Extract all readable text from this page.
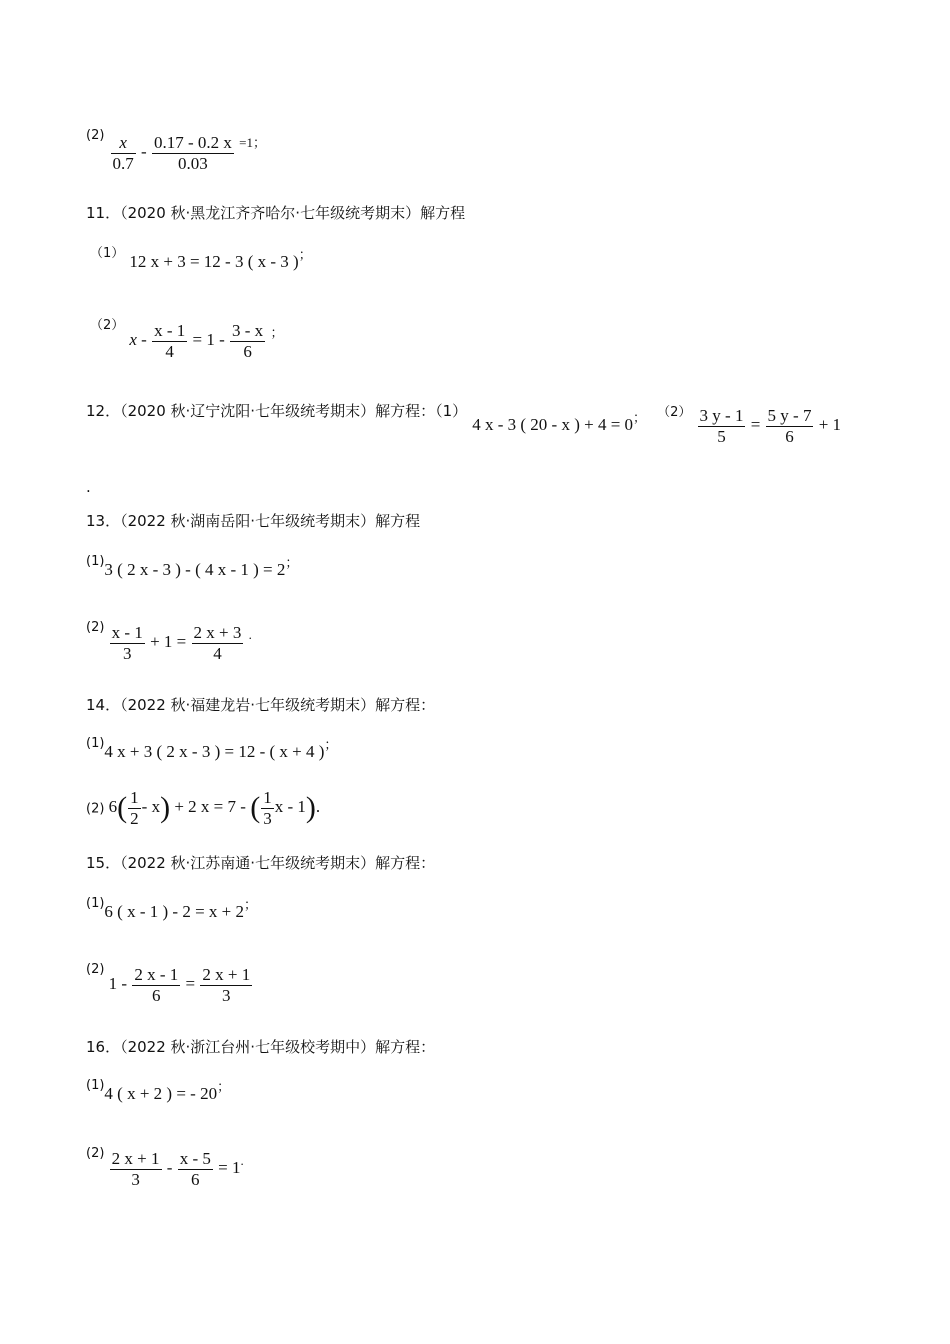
$^{(2)} \frac{x}{0.7} - \frac{0.17 - 0.2 x}{0.03} ^{=1;}$
11．（2020 秋·黑龙江齐齐哈尔·七年级统考期末）解方程
$^{(1)}$ 12 x + 3 = 12 - 3 ( x - 3 )；
$^{(2)}$ $x - \frac{x - 1}{4} = 1 - \frac{3 - x}{6} ^;$
12．（2020 秋·辽宁沈阳·七年级统考期末）解方程：（1） 4 x - 3 ( 20 - x ) + 4 = 0； $^{(2)} \frac{3 y - 1}{5} = \frac{5 y - 7}{6} + 1$
.
13．（2022 秋·湖南岳阳·七年级统考期末）解方程
$^{(1)}$3 ( 2 x - 3 ) - ( 4 x - 1 ) = 2；
$^{(2)} \frac{x - 1}{3} + 1 = \frac{2 x + 3}{4} ^.$
14．（2022 秋·福建龙岩·七年级统考期末）解方程：
$^{(1)}$4 x + 3 ( 2 x - 3 ) = 12 - ( x + 4 )；
(2) $6( \frac{1}{2} - x) + 2$ x = 7 - ( $\frac{1}{3}$ x - 1).
15．（2022 秋·江苏南通·七年级统考期末）解方程：
$^{(1)}$6 ( x - 1 ) - 2 = x + 2；
$^{(2)}$ $1 - \frac{2 x - 1}{6} = \frac{2 x + 1}{3}$
16．（2022 秋·浙江台州·七年级校考期中）解方程：
$^{(1)}$4 ( x + 2 ) = - 20；
$^{(2)} \frac{2 x + 1}{3} - \frac{x - 5}{6} = 1^.$
